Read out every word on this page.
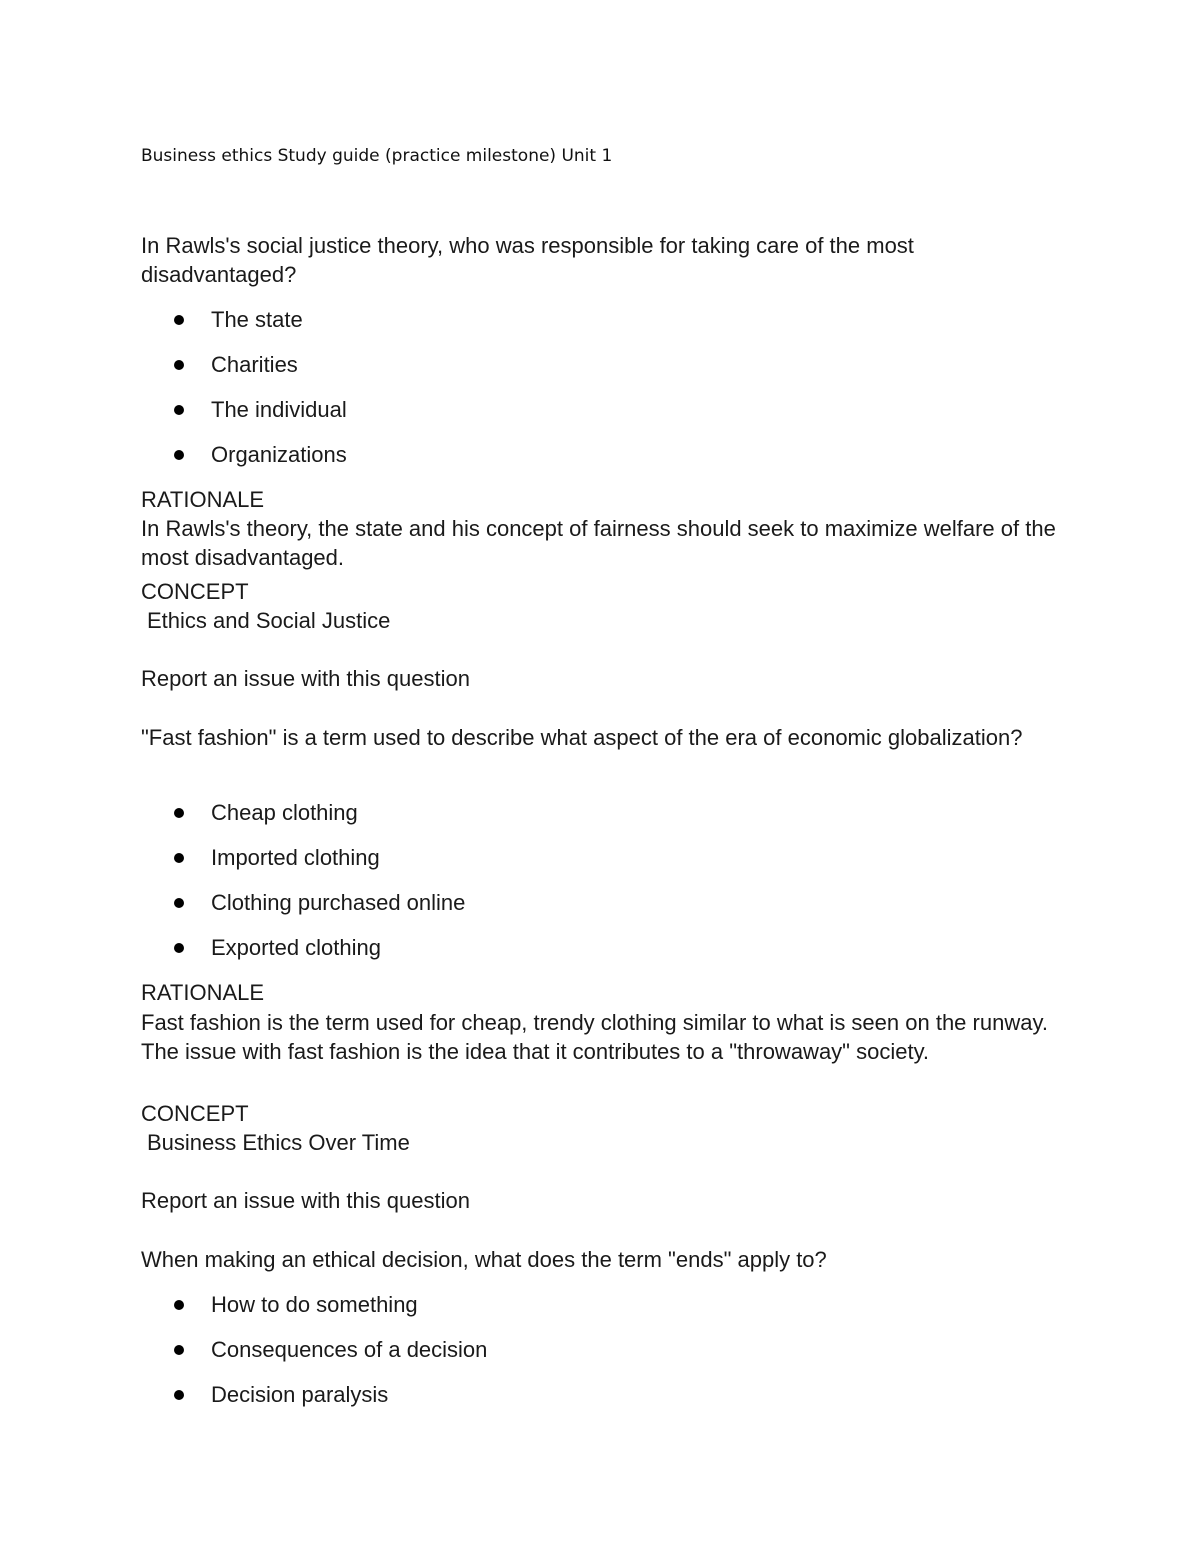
Business ethics Study guide (practice milestone) Unit 1
In Rawls's social justice theory, who was responsible for taking care of the most disadvantaged?
The state
Charities
The individual
Organizations
RATIONALE
In Rawls's theory, the state and his concept of fairness should seek to maximize welfare of the most disadvantaged.
CONCEPT
Ethics and Social Justice
Report an issue with this question
"Fast fashion" is a term used to describe what aspect of the era of economic globalization?
Cheap clothing
Imported clothing
Clothing purchased online
Exported clothing
RATIONALE
Fast fashion is the term used for cheap, trendy clothing similar to what is seen on the runway. The issue with fast fashion is the idea that it contributes to a "throwaway" society.
CONCEPT
Business Ethics Over Time
Report an issue with this question
When making an ethical decision, what does the term "ends" apply to?
How to do something
Consequences of a decision
Decision paralysis
